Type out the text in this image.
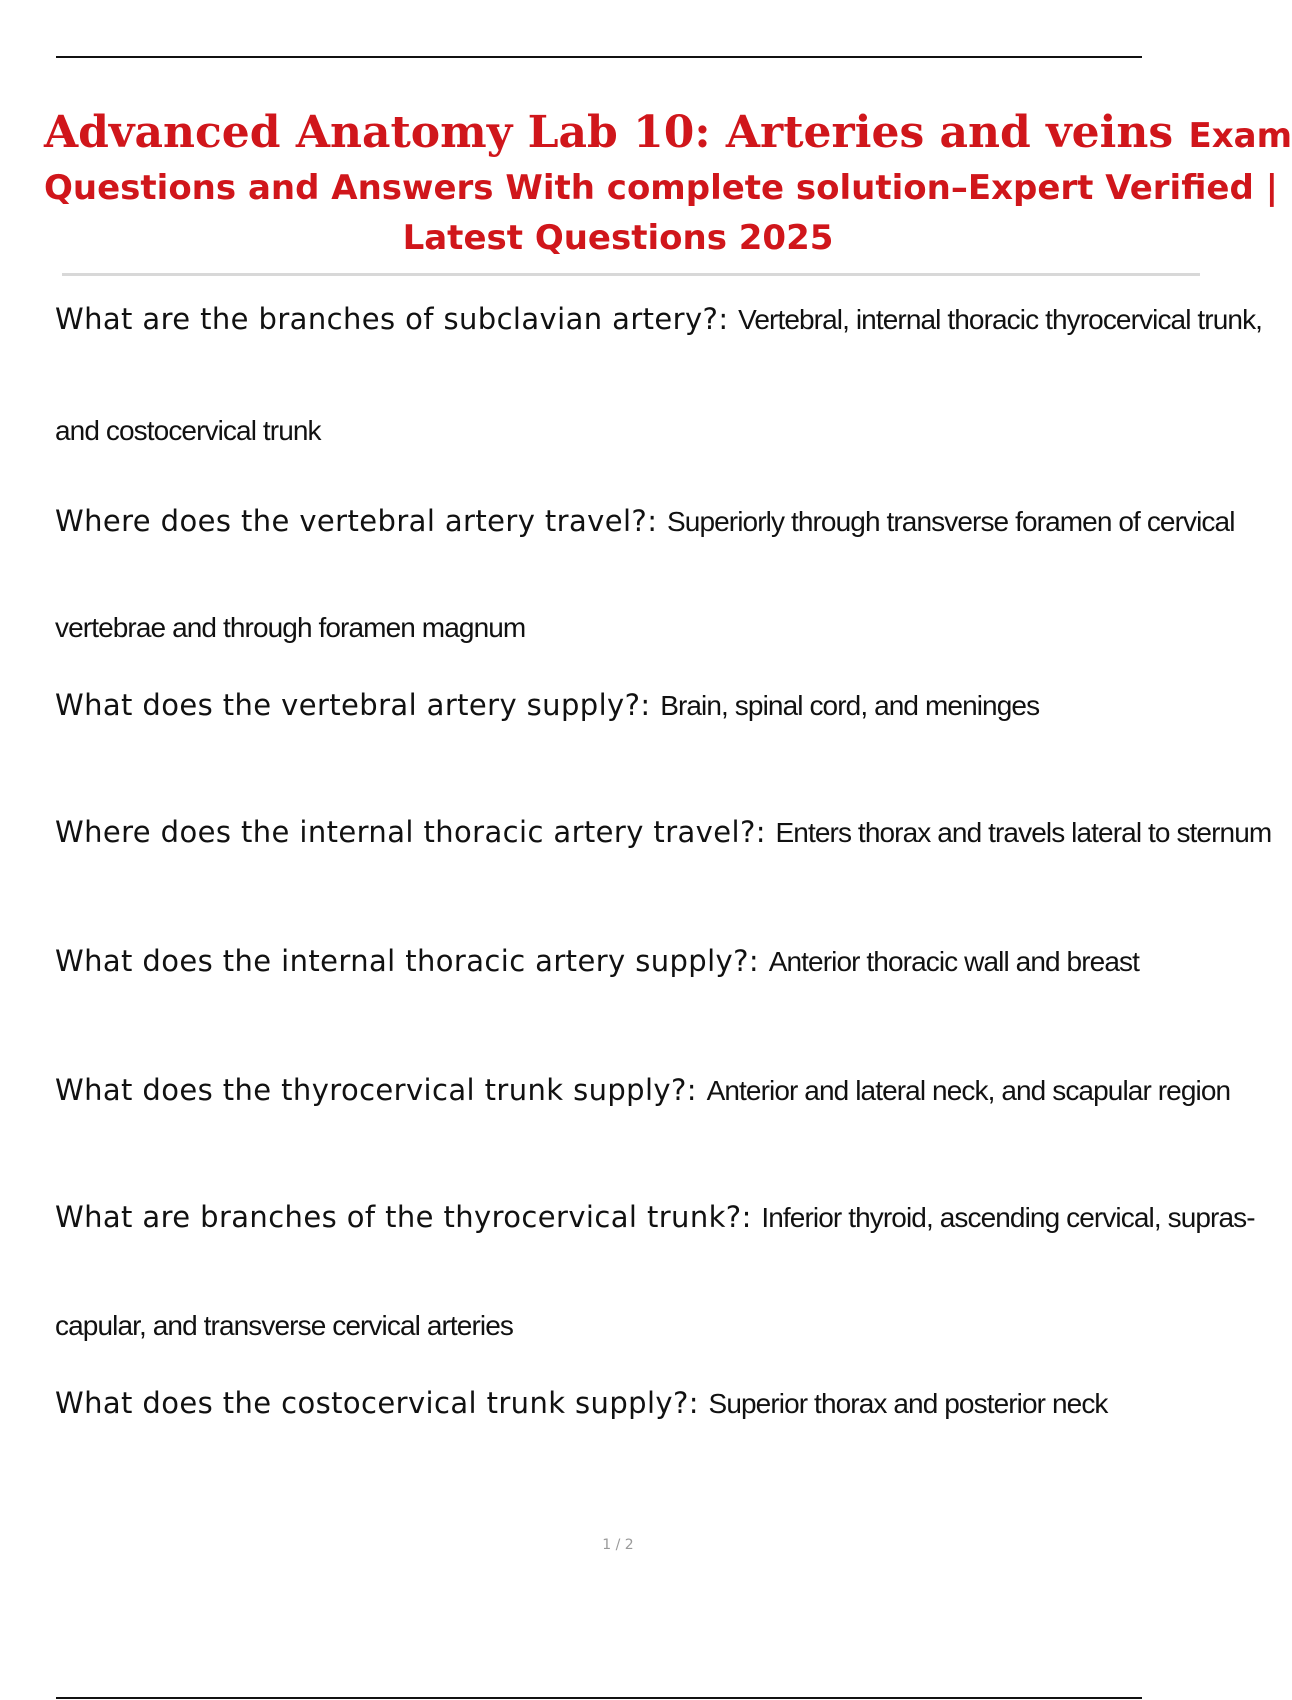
Advanced Anatomy Lab 10: Arteries and veins Exam
Questions and Answers With complete solution–Expert Verified |
Latest Questions 2025
What are the branches of subclavian artery?: Vertebral, internal thoracic thyrocervical trunk,
and costocervical trunk
Where does the vertebral artery travel?: Superiorly through transverse foramen of cervical
vertebrae and through foramen magnum
What does the vertebral artery supply?: Brain, spinal cord, and meninges
Where does the internal thoracic artery travel?: Enters thorax and travels lateral to sternum
What does the internal thoracic artery supply?: Anterior thoracic wall and breast
What does the thyrocervical trunk supply?: Anterior and lateral neck, and scapular region
What are branches of the thyrocervical trunk?: Inferior thyroid, ascending cervical, supras-
capular, and transverse cervical arteries
What does the costocervical trunk supply?: Superior thorax and posterior neck
1 / 2
